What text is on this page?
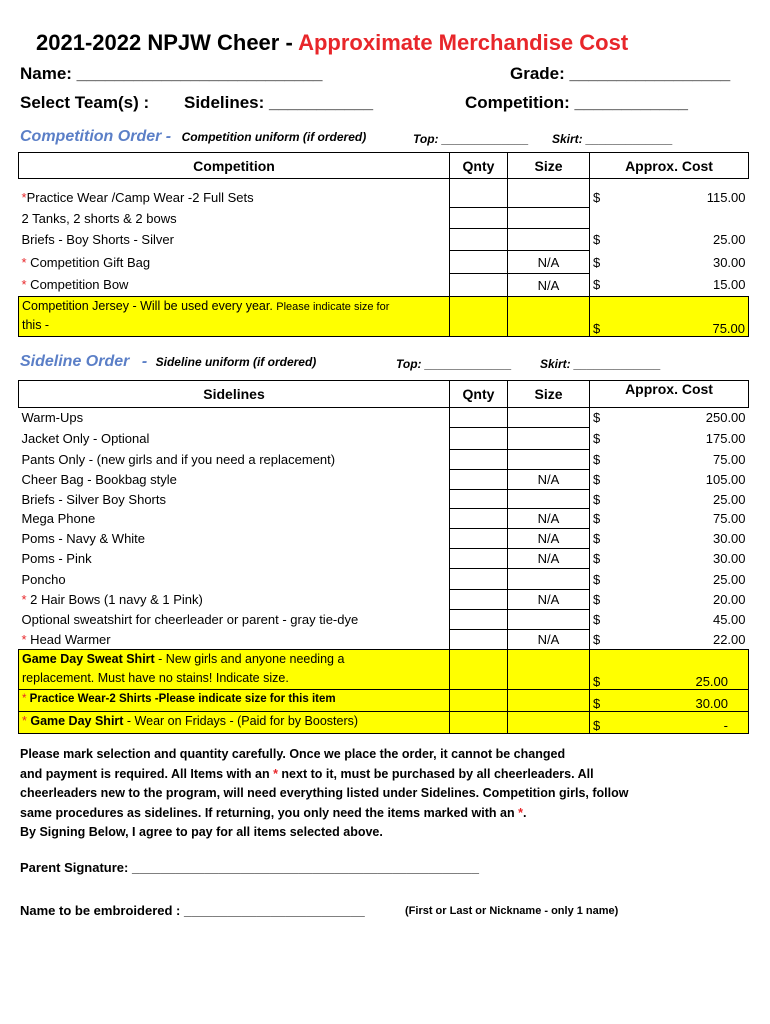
2021-2022 NPJW Cheer - Approximate Merchandise Cost
Name: __________________________	Grade: _________________
Select Team(s) : Sidelines: ___________	Competition: ____________
Competition Order - Competition uniform (if ordered)	Top: _____________ Skirt: _____________
Competition	Qnty	Size	Approx. Cost	

*Practice Wear /Camp Wear -2 Full Sets			$	115.00
2 Tanks, 2 shorts & 2 bows				
Briefs - Boy Shorts - Silver			$	25.00
* Competition Gift Bag		N/A	$	30.00
* Competition Bow		N/A	$	15.00
Competition Jersey - Will be used every year. Please indicate size for
this -			$	75.00
Sideline Order - Sideline uniform (if ordered)	Top: _____________ Skirt: _____________
Sidelines	Qnty	Size	Approx. Cost	
Warm-Ups			$	250.00
Jacket Only - Optional			$	175.00
Pants Only - (new girls and if you need a replacement)			$	75.00
Cheer Bag - Bookbag style		N/A	$	105.00
Briefs - Silver Boy Shorts			$	25.00
Mega Phone		N/A	$	75.00
Poms - Navy & White		N/A	$	30.00
Poms - Pink		N/A	$	30.00
Poncho			$	25.00
* 2 Hair Bows (1 navy & 1 Pink)		N/A	$	20.00
Optional sweatshirt for cheerleader or parent - gray tie-dye			$	45.00
* Head Warmer		N/A	$	22.00
Game Day Sweat Shirt - New girls and anyone needing a
replacement. Must have no stains! Indicate size.			$	25.00
* Practice Wear-2 Shirts -Please indicate size for this item			$	30.00
* Game Day Shirt - Wear on Fridays - (Paid for by Boosters)			$	-

Please mark selection and quantity carefully. Once we place the order, it cannot be changed

and payment is required. All Items with an * next to it, must be purchased by all cheerleaders. All

cheerleaders new to the program, will need everything listed under Sidelines. Competition girls, follow

same procedures as sidelines. If returning, you only need the items marked with an *.

By Signing Below, I agree to pay for all items selected above.

Parent Signature: ________________________________________________
Name to be embroidered : _________________________	(First or Last or Nickname - only 1 name)
